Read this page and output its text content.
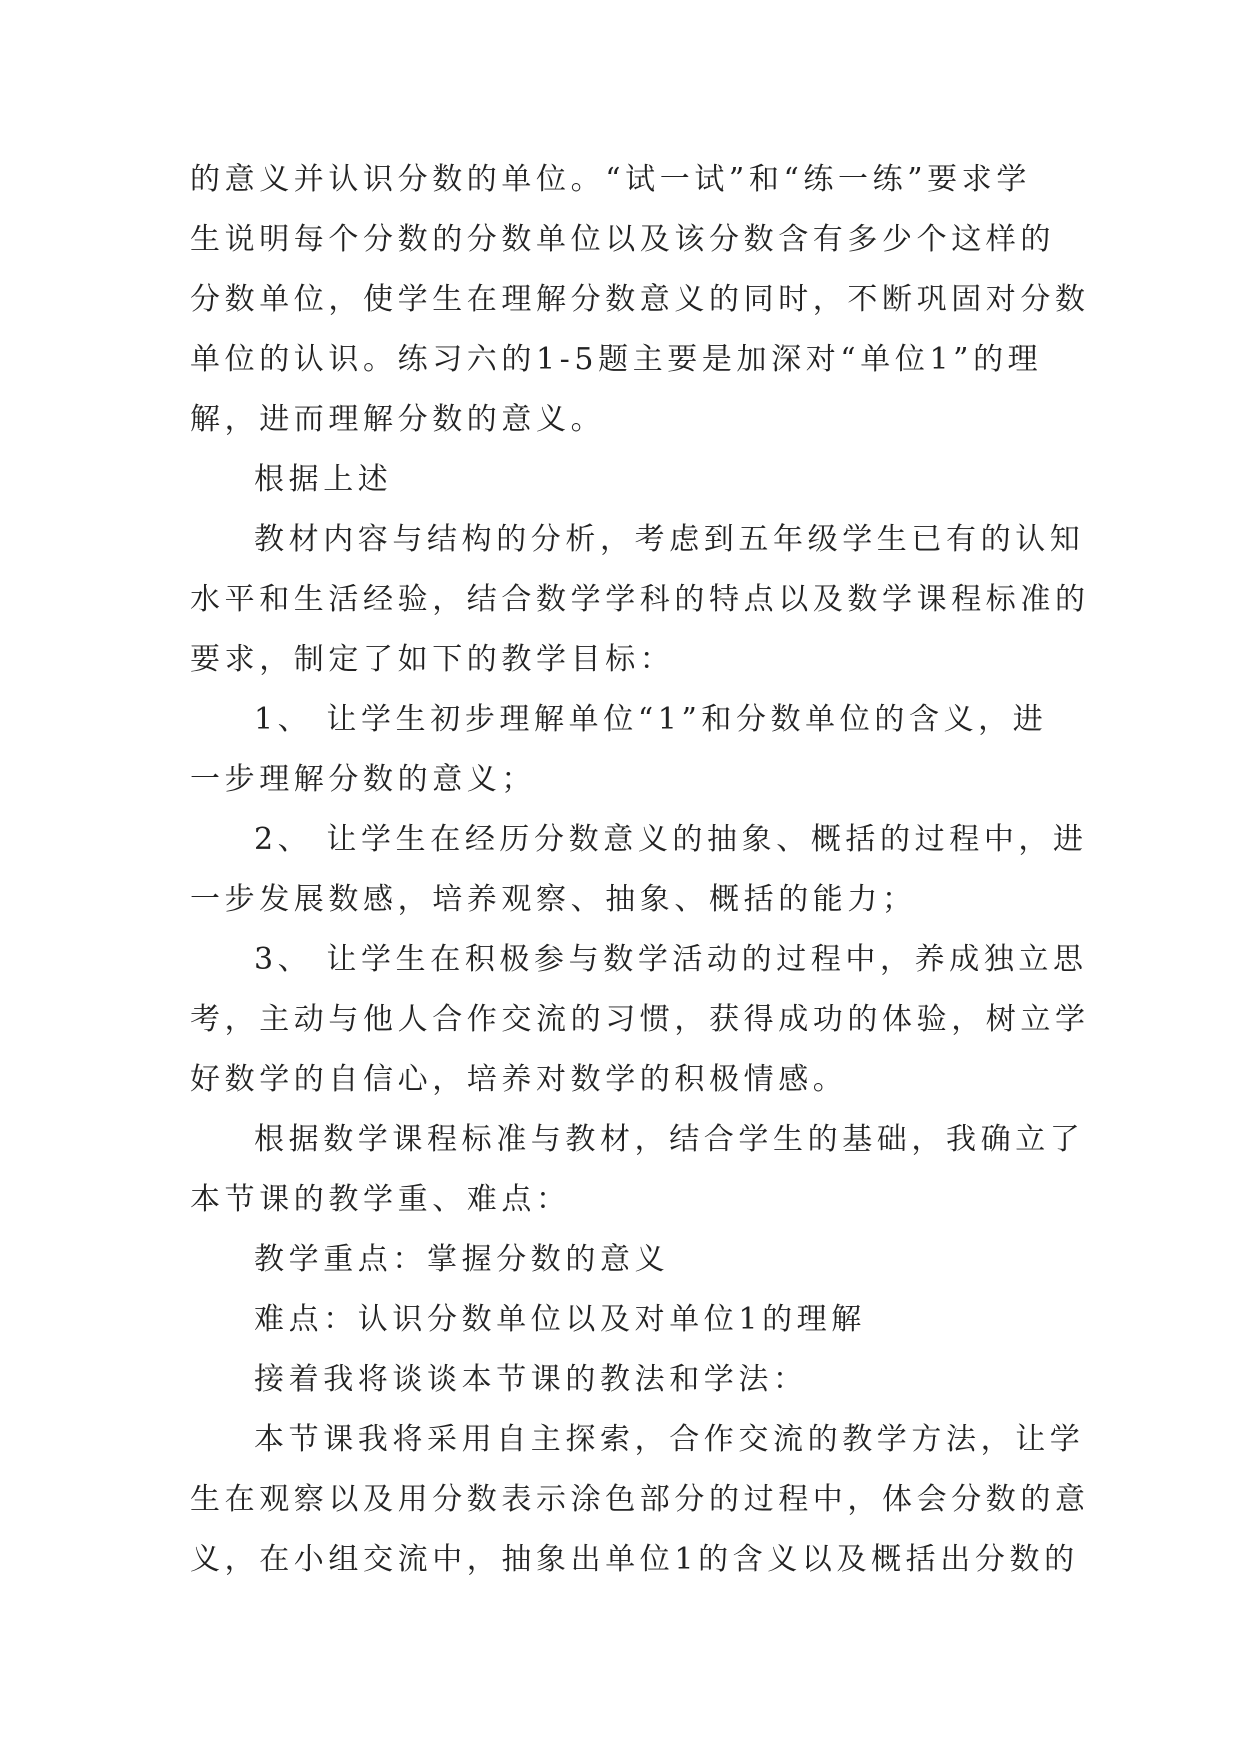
的意义并认识分数的单位。“试一试”和“练一练”要求学
生说明每个分数的分数单位以及该分数含有多少个这样的
分数单位，使学生在理解分数意义的同时，不断巩固对分数
单位的认识。练习六的1-5题主要是加深对“单位1”的理
解，进而理解分数的意义。
根据上述
教材内容与结构的分析，考虑到五年级学生已有的认知
水平和生活经验，结合数学学科的特点以及数学课程标准的
要求，制定了如下的教学目标：
1、 让学生初步理解单位“1”和分数单位的含义，进
一步理解分数的意义；
2、 让学生在经历分数意义的抽象、概括的过程中，进
一步发展数感，培养观察、抽象、概括的能力；
3、 让学生在积极参与数学活动的过程中，养成独立思
考，主动与他人合作交流的习惯，获得成功的体验，树立学
好数学的自信心，培养对数学的积极情感。
根据数学课程标准与教材，结合学生的基础，我确立了
本节课的教学重、难点：
教学重点：掌握分数的意义
难点：认识分数单位以及对单位1的理解
接着我将谈谈本节课的教法和学法：
本节课我将采用自主探索，合作交流的教学方法，让学
生在观察以及用分数表示涂色部分的过程中，体会分数的意
义，在小组交流中，抽象出单位1的含义以及概括出分数的
